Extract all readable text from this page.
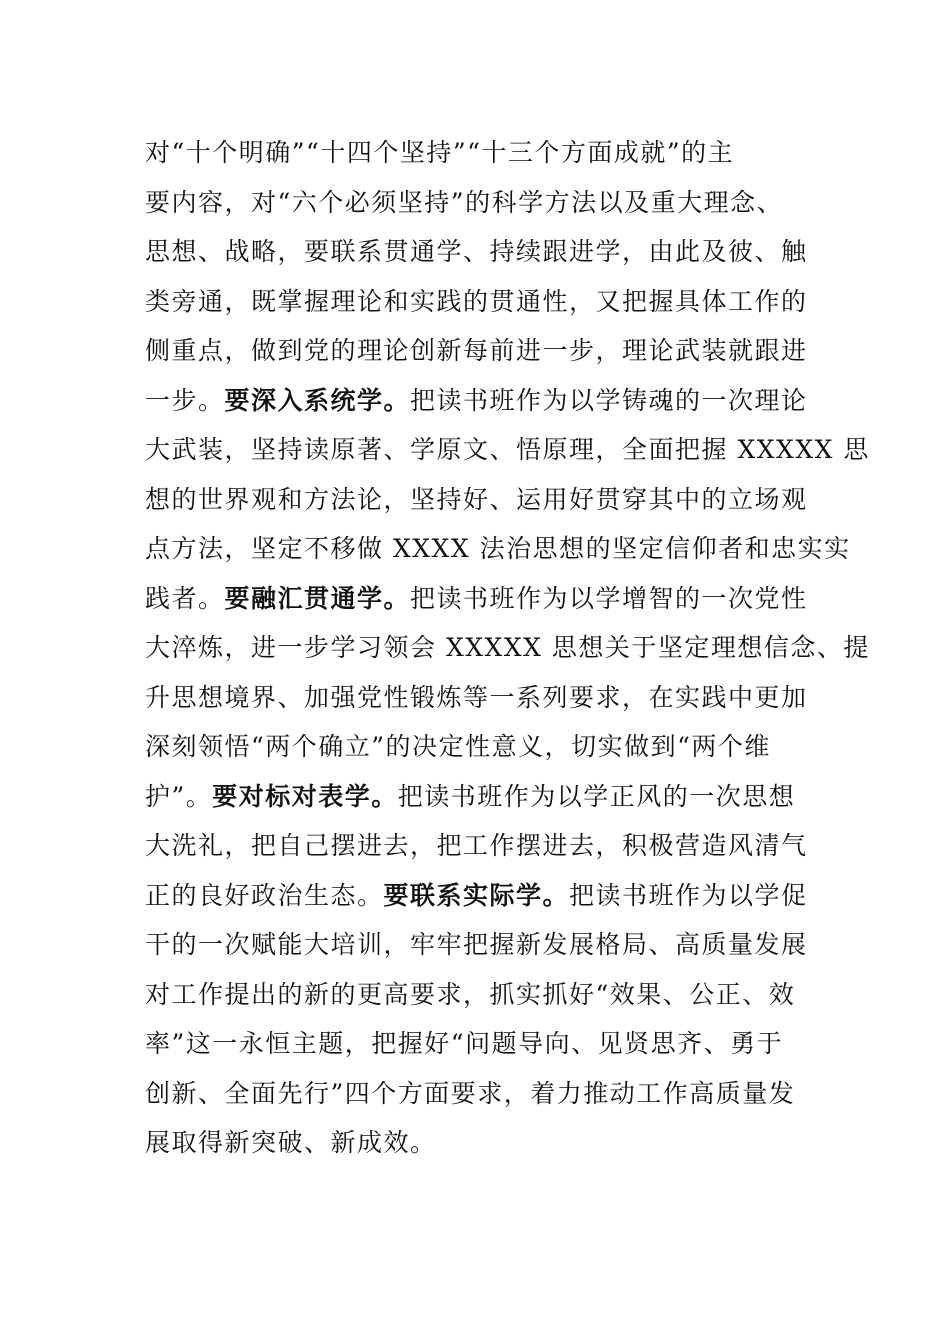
对“十个明确”“十四个坚持”“十三个方面成就”的主
要内容，对“六个必须坚持”的科学方法以及重大理念、
思想、战略，要联系贯通学、持续跟进学，由此及彼、触
类旁通，既掌握理论和实践的贯通性，又把握具体工作的
侧重点，做到党的理论创新每前进一步，理论武装就跟进
一步。要深入系统学。把读书班作为以学铸魂的一次理论
大武装，坚持读原著、学原文、悟原理，全面把握 XXXXX 思
想的世界观和方法论，坚持好、运用好贯穿其中的立场观
点方法，坚定不移做 XXXX 法治思想的坚定信仰者和忠实实
践者。要融汇贯通学。把读书班作为以学增智的一次党性
大淬炼，进一步学习领会 XXXXX 思想关于坚定理想信念、提
升思想境界、加强党性锻炼等一系列要求，在实践中更加
深刻领悟“两个确立”的决定性意义，切实做到“两个维
护”。要对标对表学。把读书班作为以学正风的一次思想
大洗礼，把自己摆进去，把工作摆进去，积极营造风清气
正的良好政治生态。要联系实际学。把读书班作为以学促
干的一次赋能大培训，牢牢把握新发展格局、高质量发展
对工作提出的新的更高要求，抓实抓好“效果、公正、效
率”这一永恒主题，把握好“问题导向、见贤思齐、勇于
创新、全面先行”四个方面要求，着力推动工作高质量发
展取得新突破、新成效。
